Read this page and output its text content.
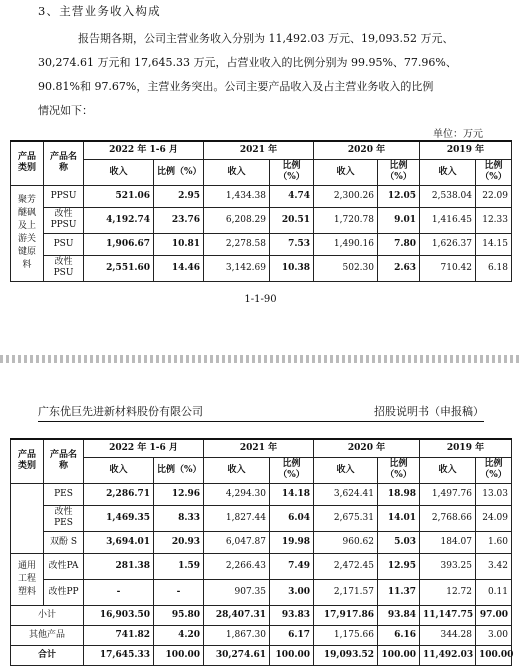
3、主营业务收入构成
报告期各期，公司主营业务收入分别为 11,492.03 万元、19,093.52 万元、
30,274.61 万元和 17,645.33 万元，占营业收入的比例分别为 99.95%、77.96%、
90.81%和 97.67%，主营业务突出。公司主要产品收入及占主营业务收入的比例
情况如下：
单位：万元
产品类别	产品名称	2022 年 1-6 月		2021 年		2020 年		2019 年	
		收入	比例（%）	收入	比例（%）	收入	比例（%）	收入	比例（%）
聚芳醚砜及上游关键原料	PPSU	521.06	2.95	1,434.38	4.74	2,300.26	12.05	2,538.04	22.09
	改性PPSU	4,192.74	23.76	6,208.29	20.51	1,720.78	9.01	1,416.45	12.33
	PSU	1,906.67	10.81	2,278.58	7.53	1,490.16	7.80	1,626.37	14.15
	改性PSU	2,551.60	14.46	3,142.69	10.38	502.30	2.63	710.42	6.18
1-1-90
广东优巨先进新材料股份有限公司	招股说明书（申报稿）
产品类别	产品名称	2022 年 1-6 月		2021 年		2020 年		2019 年	
		收入	比例（%）	收入	比例（%）	收入	比例（%）	收入	比例（%）
	PES	2,286.71	12.96	4,294.30	14.18	3,624.41	18.98	1,497.76	13.03
	改性PES	1,469.35	8.33	1,827.44	6.04	2,675.31	14.01	2,768.66	24.09
	双酚 S	3,694.01	20.93	6,047.87	19.98	960.62	5.03	184.07	1.60
通用工程塑料	改性PA	281.38	1.59	2,266.43	7.49	2,472.45	12.95	393.25	3.42
	改性PP	-	-	907.35	3.00	2,171.57	11.37	12.72	0.11
小计		16,903.50	95.80	28,407.31	93.83	17,917.86	93.84	11,147.75	97.00
其他产品		741.82	4.20	1,867.30	6.17	1,175.66	6.16	344.28	3.00
合计		17,645.33	100.00	30,274.61	100.00	19,093.52	100.00	11,492.03	100.00
